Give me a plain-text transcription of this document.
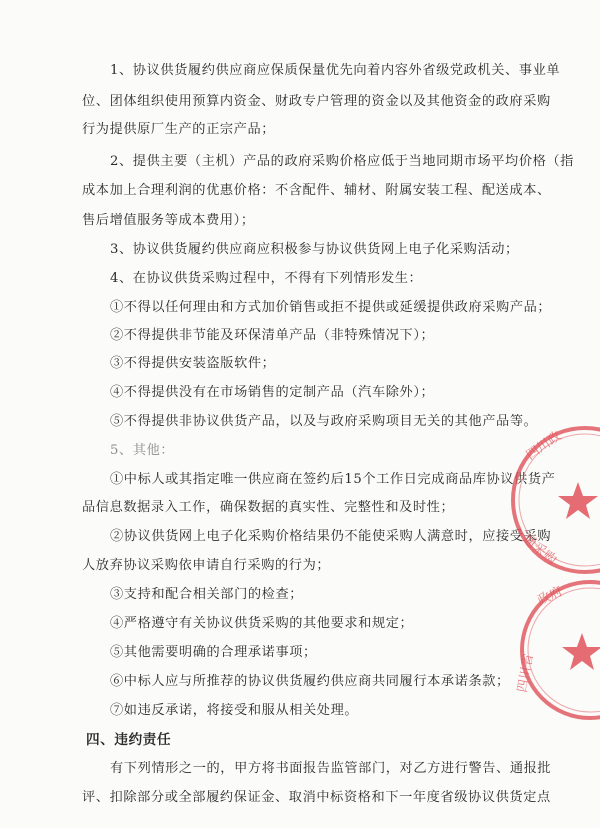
1、协议供货履约供应商应保质保量优先向着内容外省级党政机关、事业单
位、团体组织使用预算内资金、财政专户管理的资金以及其他资金的政府采购
行为提供原厂生产的正宗产品；
2、提供主要（主机）产品的政府采购价格应低于当地同期市场平均价格（指
成本加上合理利润的优惠价格：不含配件、辅材、附属安装工程、配送成本、
售后增值服务等成本费用）；
3、协议供货履约供应商应积极参与协议供货网上电子化采购活动；
4、在协议供货采购过程中，不得有下列情形发生：
①不得以任何理由和方式加价销售或拒不提供或延缓提供政府采购产品；
②不得提供非节能及环保清单产品（非特殊情况下）；
③不得提供安装盗版软件；
④不得提供没有在市场销售的定制产品（汽车除外）；
⑤不得提供非协议供货产品，以及与政府采购项目无关的其他产品等。
5、其他：
①中标人或其指定唯一供应商在签约后15个工作日完成商品库协议供货产
品信息数据录入工作，确保数据的真实性、完整性和及时性；
②协议供货网上电子化采购价格结果仍不能使采购人满意时，应接受采购
人放弃协议采购依申请自行采购的行为；
③支持和配合相关部门的检查；
④严格遵守有关协议供货采购的其他要求和规定；
⑤其他需要明确的合理承诺事项；
⑥中标人应与所推荐的协议供货履约供应商共同履行本承诺条款；
⑦如违反承诺，将接受和服从相关处理。
四、违约责任
有下列情形之一的，甲方将书面报告监管部门，对乙方进行警告、通报批
评、扣除部分或全部履约保证金、取消中标资格和下一年度省级协议供货定点
四川政
通采购
政府
四川省
